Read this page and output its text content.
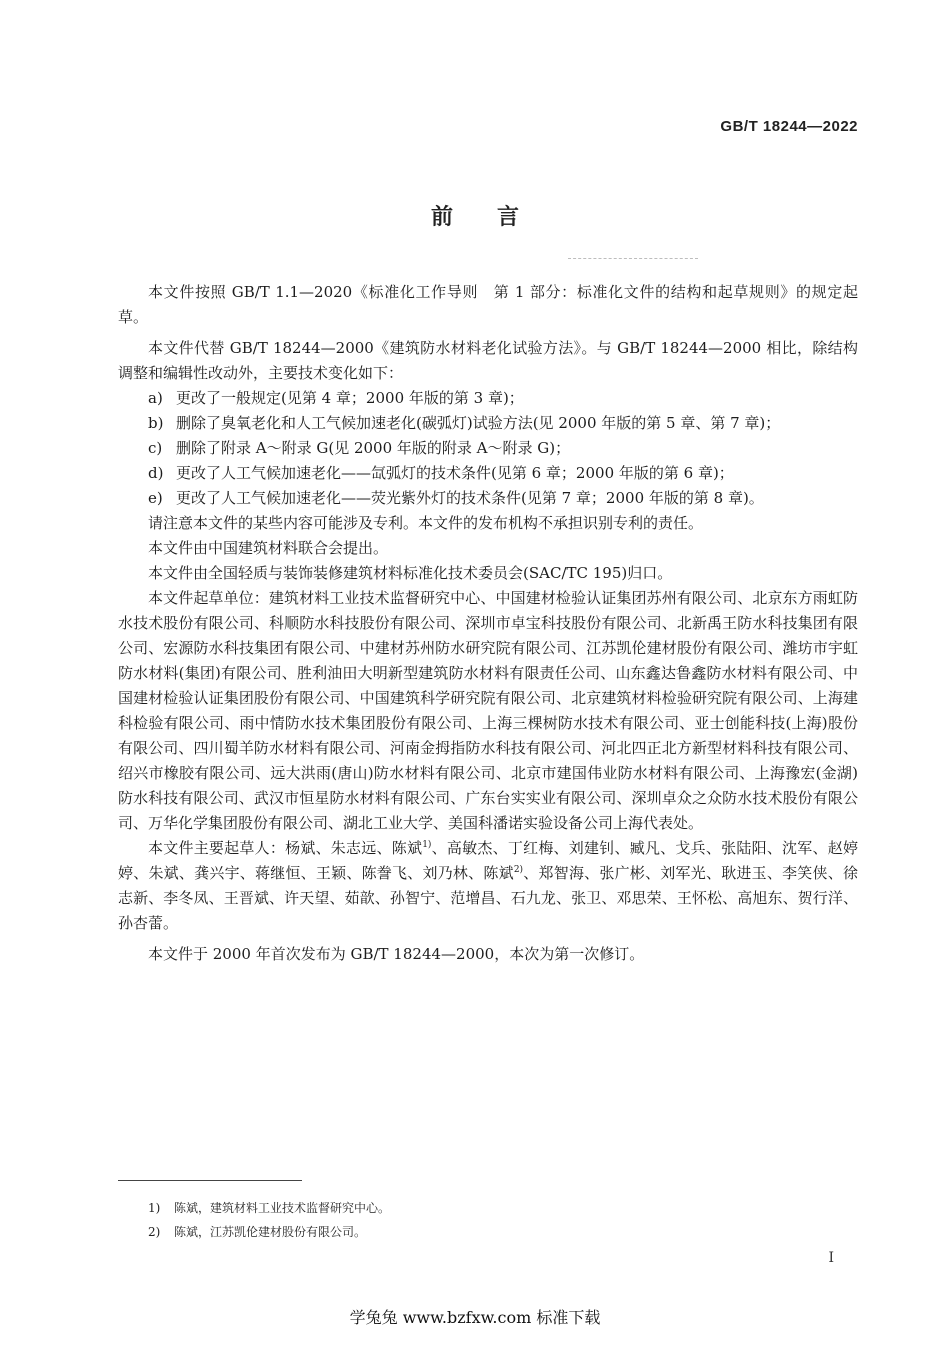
GB/T 18244—2022
前言

本文件按照 GB/T 1.1—2020《标准化工作导则　第 1 部分：标准化文件的结构和起草规则》的规定起草。

本文件代替 GB/T 18244—2000《建筑防水材料老化试验方法》。与 GB/T 18244—2000 相比，除结构调整和编辑性改动外，主要技术变化如下：

a) 更改了一般规定(见第 4 章；2000 年版的第 3 章)；
b) 删除了臭氧老化和人工气候加速老化(碳弧灯)试验方法(见 2000 年版的第 5 章、第 7 章)；
c) 删除了附录 A～附录 G(见 2000 年版的附录 A～附录 G)；
d) 更改了人工气候加速老化——氙弧灯的技术条件(见第 6 章；2000 年版的第 6 章)；
e) 更改了人工气候加速老化——荧光紫外灯的技术条件(见第 7 章；2000 年版的第 8 章)。

请注意本文件的某些内容可能涉及专利。本文件的发布机构不承担识别专利的责任。

本文件由中国建筑材料联合会提出。

本文件由全国轻质与装饰装修建筑材料标准化技术委员会(SAC/TC 195)归口。

本文件起草单位：建筑材料工业技术监督研究中心、中国建材检验认证集团苏州有限公司、北京东方雨虹防水技术股份有限公司、科顺防水科技股份有限公司、深圳市卓宝科技股份有限公司、北新禹王防水科技集团有限公司、宏源防水科技集团有限公司、中建材苏州防水研究院有限公司、江苏凯伦建材股份有限公司、潍坊市宇虹防水材料(集团)有限公司、胜利油田大明新型建筑防水材料有限责任公司、山东鑫达鲁鑫防水材料有限公司、中国建材检验认证集团股份有限公司、中国建筑科学研究院有限公司、北京建筑材料检验研究院有限公司、上海建科检验有限公司、雨中情防水技术集团股份有限公司、上海三棵树防水技术有限公司、亚士创能科技(上海)股份有限公司、四川蜀羊防水材料有限公司、河南金拇指防水科技有限公司、河北四正北方新型材料科技有限公司、绍兴市橡胶有限公司、远大洪雨(唐山)防水材料有限公司、北京市建国伟业防水材料有限公司、上海豫宏(金湖)防水科技有限公司、武汉市恒星防水材料有限公司、广东台实实业有限公司、深圳卓众之众防水技术股份有限公司、万华化学集团股份有限公司、湖北工业大学、美国科潘诺实验设备公司上海代表处。

本文件主要起草人：杨斌、朱志远、陈斌$^{1)}$、高敏杰、丁红梅、刘建钊、臧凡、戈兵、张陆阳、沈军、赵婷婷、朱斌、龚兴宇、蒋继恒、王颖、陈誊飞、刘乃林、陈斌$^{2)}$、郑智海、张广彬、刘军光、耿进玉、李笑侠、徐志新、李冬凤、王晋斌、许天望、茹歆、孙智宁、范增昌、石九龙、张卫、邓思荣、王怀松、高旭东、贺行洋、孙杏蕾。

本文件于 2000 年首次发布为 GB/T 18244—2000，本次为第一次修订。

1) 陈斌，建筑材料工业技术监督研究中心。
2) 陈斌，江苏凯伦建材股份有限公司。
I
学兔兔 www.bzfxw.com 标准下载
